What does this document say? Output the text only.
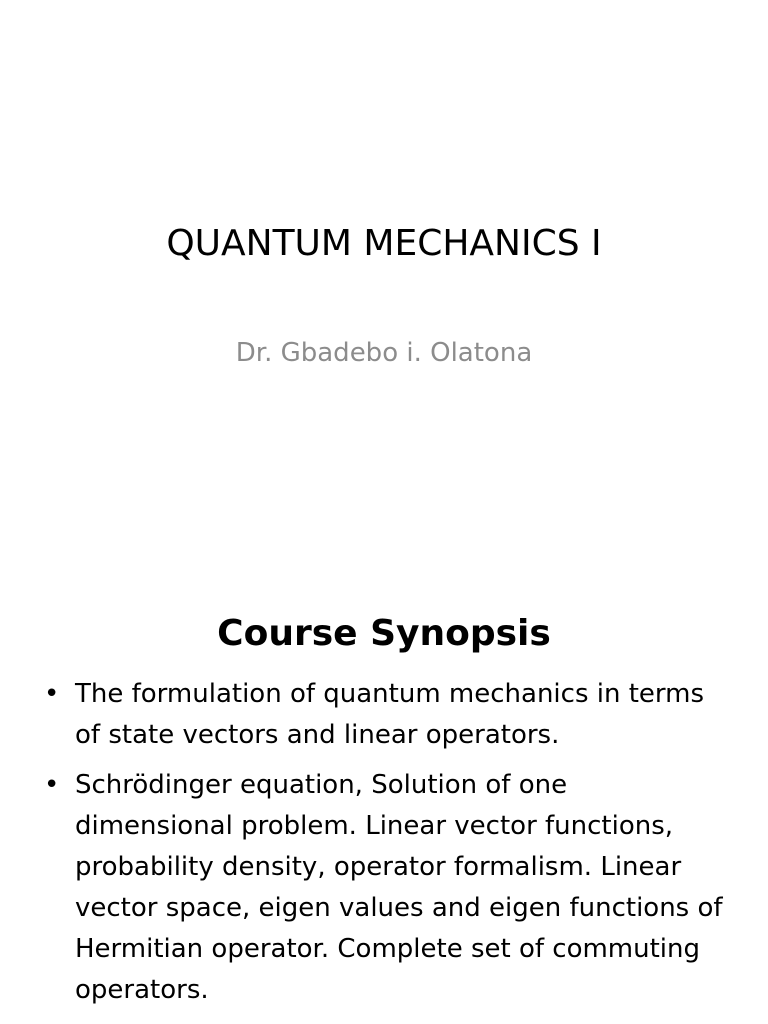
QUANTUM MECHANICS I

Dr. Gbadebo i. Olatona

Course Synopsis
• The formulation of quantum mechanics in terms of state vectors and linear operators.
• Schrödinger equation, Solution of one dimensional problem. Linear vector functions, probability density, operator formalism. Linear vector space, eigen values and eigen functions of Hermitian operator. Complete set of commuting operators.
